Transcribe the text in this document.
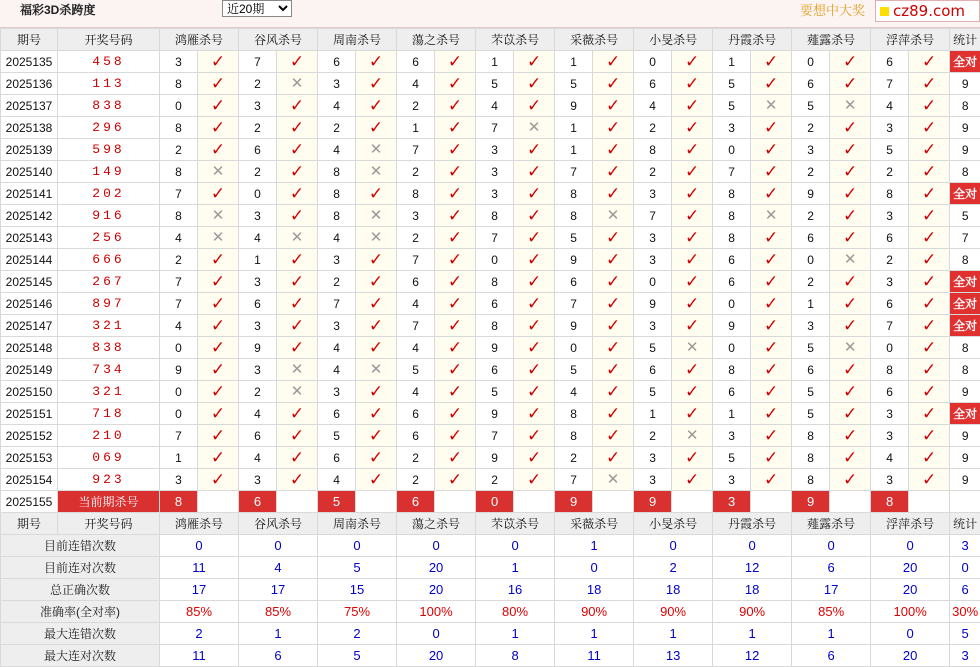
福彩3D杀跨度
近20期	要想中大奖 cz89.com
期号	开奖号码	鸿雁杀号		谷风杀号		周南杀号		蕩之杀号		芣苡杀号		采薇杀号		小旻杀号		丹霞杀号		薤露杀号		浮萍杀号		统计
2025135	458	3	✓	7	✓	6	✓	6	✓	1	✓	1	✓	0	✓	1	✓	0	✓	6	✓	全对
2025136	113	8	✓	2	✕	3	✓	4	✓	5	✓	5	✓	6	✓	5	✓	6	✓	7	✓	9
2025137	838	0	✓	3	✓	4	✓	2	✓	4	✓	9	✓	4	✓	5	✕	5	✕	4	✓	8
2025138	296	8	✓	2	✓	2	✓	1	✓	7	✕	1	✓	2	✓	3	✓	2	✓	3	✓	9
2025139	598	2	✓	6	✓	4	✕	7	✓	3	✓	1	✓	8	✓	0	✓	3	✓	5	✓	9
2025140	149	8	✕	2	✓	8	✕	2	✓	3	✓	7	✓	2	✓	7	✓	2	✓	2	✓	8
2025141	202	7	✓	0	✓	8	✓	8	✓	3	✓	8	✓	3	✓	8	✓	9	✓	8	✓	全对
2025142	916	8	✕	3	✓	8	✕	3	✓	8	✓	8	✕	7	✓	8	✕	2	✓	3	✓	5
2025143	256	4	✕	4	✕	4	✕	2	✓	7	✓	5	✓	3	✓	8	✓	6	✓	6	✓	7
2025144	666	2	✓	1	✓	3	✓	7	✓	0	✓	9	✓	3	✓	6	✓	0	✕	2	✓	8
2025145	267	7	✓	3	✓	2	✓	6	✓	8	✓	6	✓	0	✓	6	✓	2	✓	3	✓	全对
2025146	897	7	✓	6	✓	7	✓	4	✓	6	✓	7	✓	9	✓	0	✓	1	✓	6	✓	全对
2025147	321	4	✓	3	✓	3	✓	7	✓	8	✓	9	✓	3	✓	9	✓	3	✓	7	✓	全对
2025148	838	0	✓	9	✓	4	✓	4	✓	9	✓	0	✓	5	✕	0	✓	5	✕	0	✓	8
2025149	734	9	✓	3	✕	4	✕	5	✓	6	✓	5	✓	6	✓	8	✓	6	✓	8	✓	8
2025150	321	0	✓	2	✕	3	✓	4	✓	5	✓	4	✓	5	✓	6	✓	5	✓	6	✓	9
2025151	718	0	✓	4	✓	6	✓	6	✓	9	✓	8	✓	1	✓	1	✓	5	✓	3	✓	全对
2025152	210	7	✓	6	✓	5	✓	6	✓	7	✓	8	✓	2	✕	3	✓	8	✓	3	✓	9
2025153	069	1	✓	4	✓	6	✓	2	✓	9	✓	2	✓	3	✓	5	✓	8	✓	4	✓	9
2025154	923	3	✓	3	✓	4	✓	2	✓	2	✓	7	✕	3	✓	3	✓	8	✓	3	✓	9
2025155	当前期杀号	8		6		5		6		0		9		9		3		9		8		
期号	开奖号码	鸿雁杀号		谷风杀号		周南杀号		蕩之杀号		芣苡杀号		采薇杀号		小旻杀号		丹霞杀号		薤露杀号		浮萍杀号		统计
目前连错次数		0		0		0		0		0		1		0		0		0		0		3
目前连对次数		11		4		5		20		1		0		2		12		6		20		0
总正确次数		17		17		15		20		16		18		18		18		17		20		6
准确率(全对率)		85%		85%		75%		100%		80%		90%		90%		90%		85%		100%		30%
最大连错次数		2		1		2		0		1		1		1		1		1		0		5
最大连对次数		11		6		5		20		8		11		13		12		6		20		3
